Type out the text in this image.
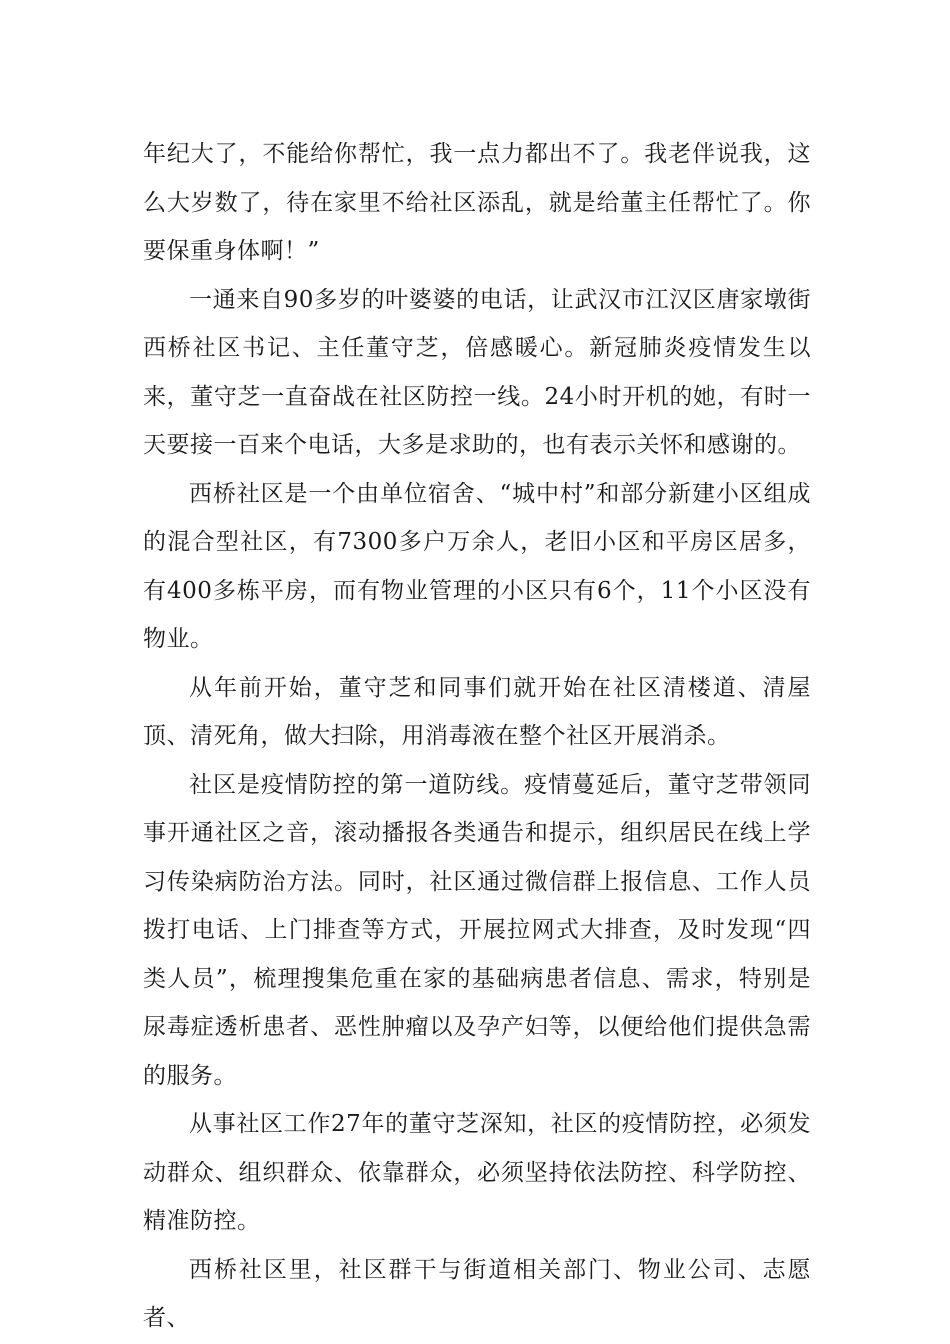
年纪大了，不能给你帮忙，我一点力都出不了。我老伴说我，这么大岁数了，待在家里不给社区添乱，就是给董主任帮忙了。你要保重身体啊！”

一通来自90多岁的叶婆婆的电话，让武汉市江汉区唐家墩街西桥社区书记、主任董守芝，倍感暖心。新冠肺炎疫情发生以来，董守芝一直奋战在社区防控一线。24小时开机的她，有时一天要接一百来个电话，大多是求助的，也有表示关怀和感谢的。

西桥社区是一个由单位宿舍、“城中村”和部分新建小区组成的混合型社区，有7300多户万余人，老旧小区和平房区居多，有400多栋平房，而有物业管理的小区只有6个，11个小区没有物业。

从年前开始，董守芝和同事们就开始在社区清楼道、清屋顶、清死角，做大扫除，用消毒液在整个社区开展消杀。

社区是疫情防控的第一道防线。疫情蔓延后，董守芝带领同事开通社区之音，滚动播报各类通告和提示，组织居民在线上学习传染病防治方法。同时，社区通过微信群上报信息、工作人员拨打电话、上门排查等方式，开展拉网式大排查，及时发现“四类人员”，梳理搜集危重在家的基础病患者信息、需求，特别是尿毒症透析患者、恶性肿瘤以及孕产妇等，以便给他们提供急需的服务。

从事社区工作27年的董守芝深知，社区的疫情防控，必须发动群众、组织群众、依靠群众，必须坚持依法防控、科学防控、精准防控。

西桥社区里，社区群干与街道相关部门、物业公司、志愿者、
